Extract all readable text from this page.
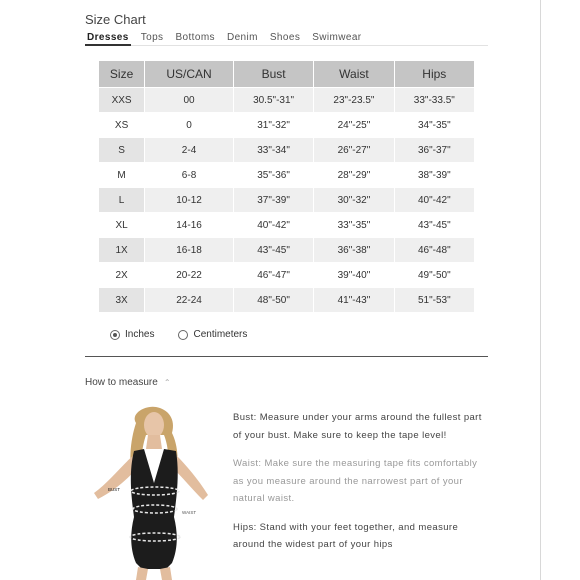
Size Chart
Dresses Tops Bottoms Denim Shoes Swimwear
Size	US/CAN	Bust	Waist	Hips
XXS	00	30.5"-31"	23"-23.5"	33"-33.5"
XS	0	31"-32"	24"-25"	34"-35"
S	2-4	33"-34"	26"-27"	36"-37"
M	6-8	35"-36"	28"-29"	38"-39"
L	10-12	37"-39"	30"-32"	40"-42"
XL	14-16	40"-42"	33"-35"	43"-45"
1X	16-18	43"-45"	36"-38"	46"-48"
2X	20-22	46"-47"	39"-40"	49"-50"
3X	22-24	48"-50"	41"-43"	51"-53"
Inches	Centimeters
How to measure ⌃
BUST
WAIST

Bust: Measure under your arms around the fullest part of your bust. Make sure to keep the tape level!

Waist: Make sure the measuring tape fits comfortably as you measure around the narrowest part of your natural waist.

Hips: Stand with your feet together, and measure around the widest part of your hips
